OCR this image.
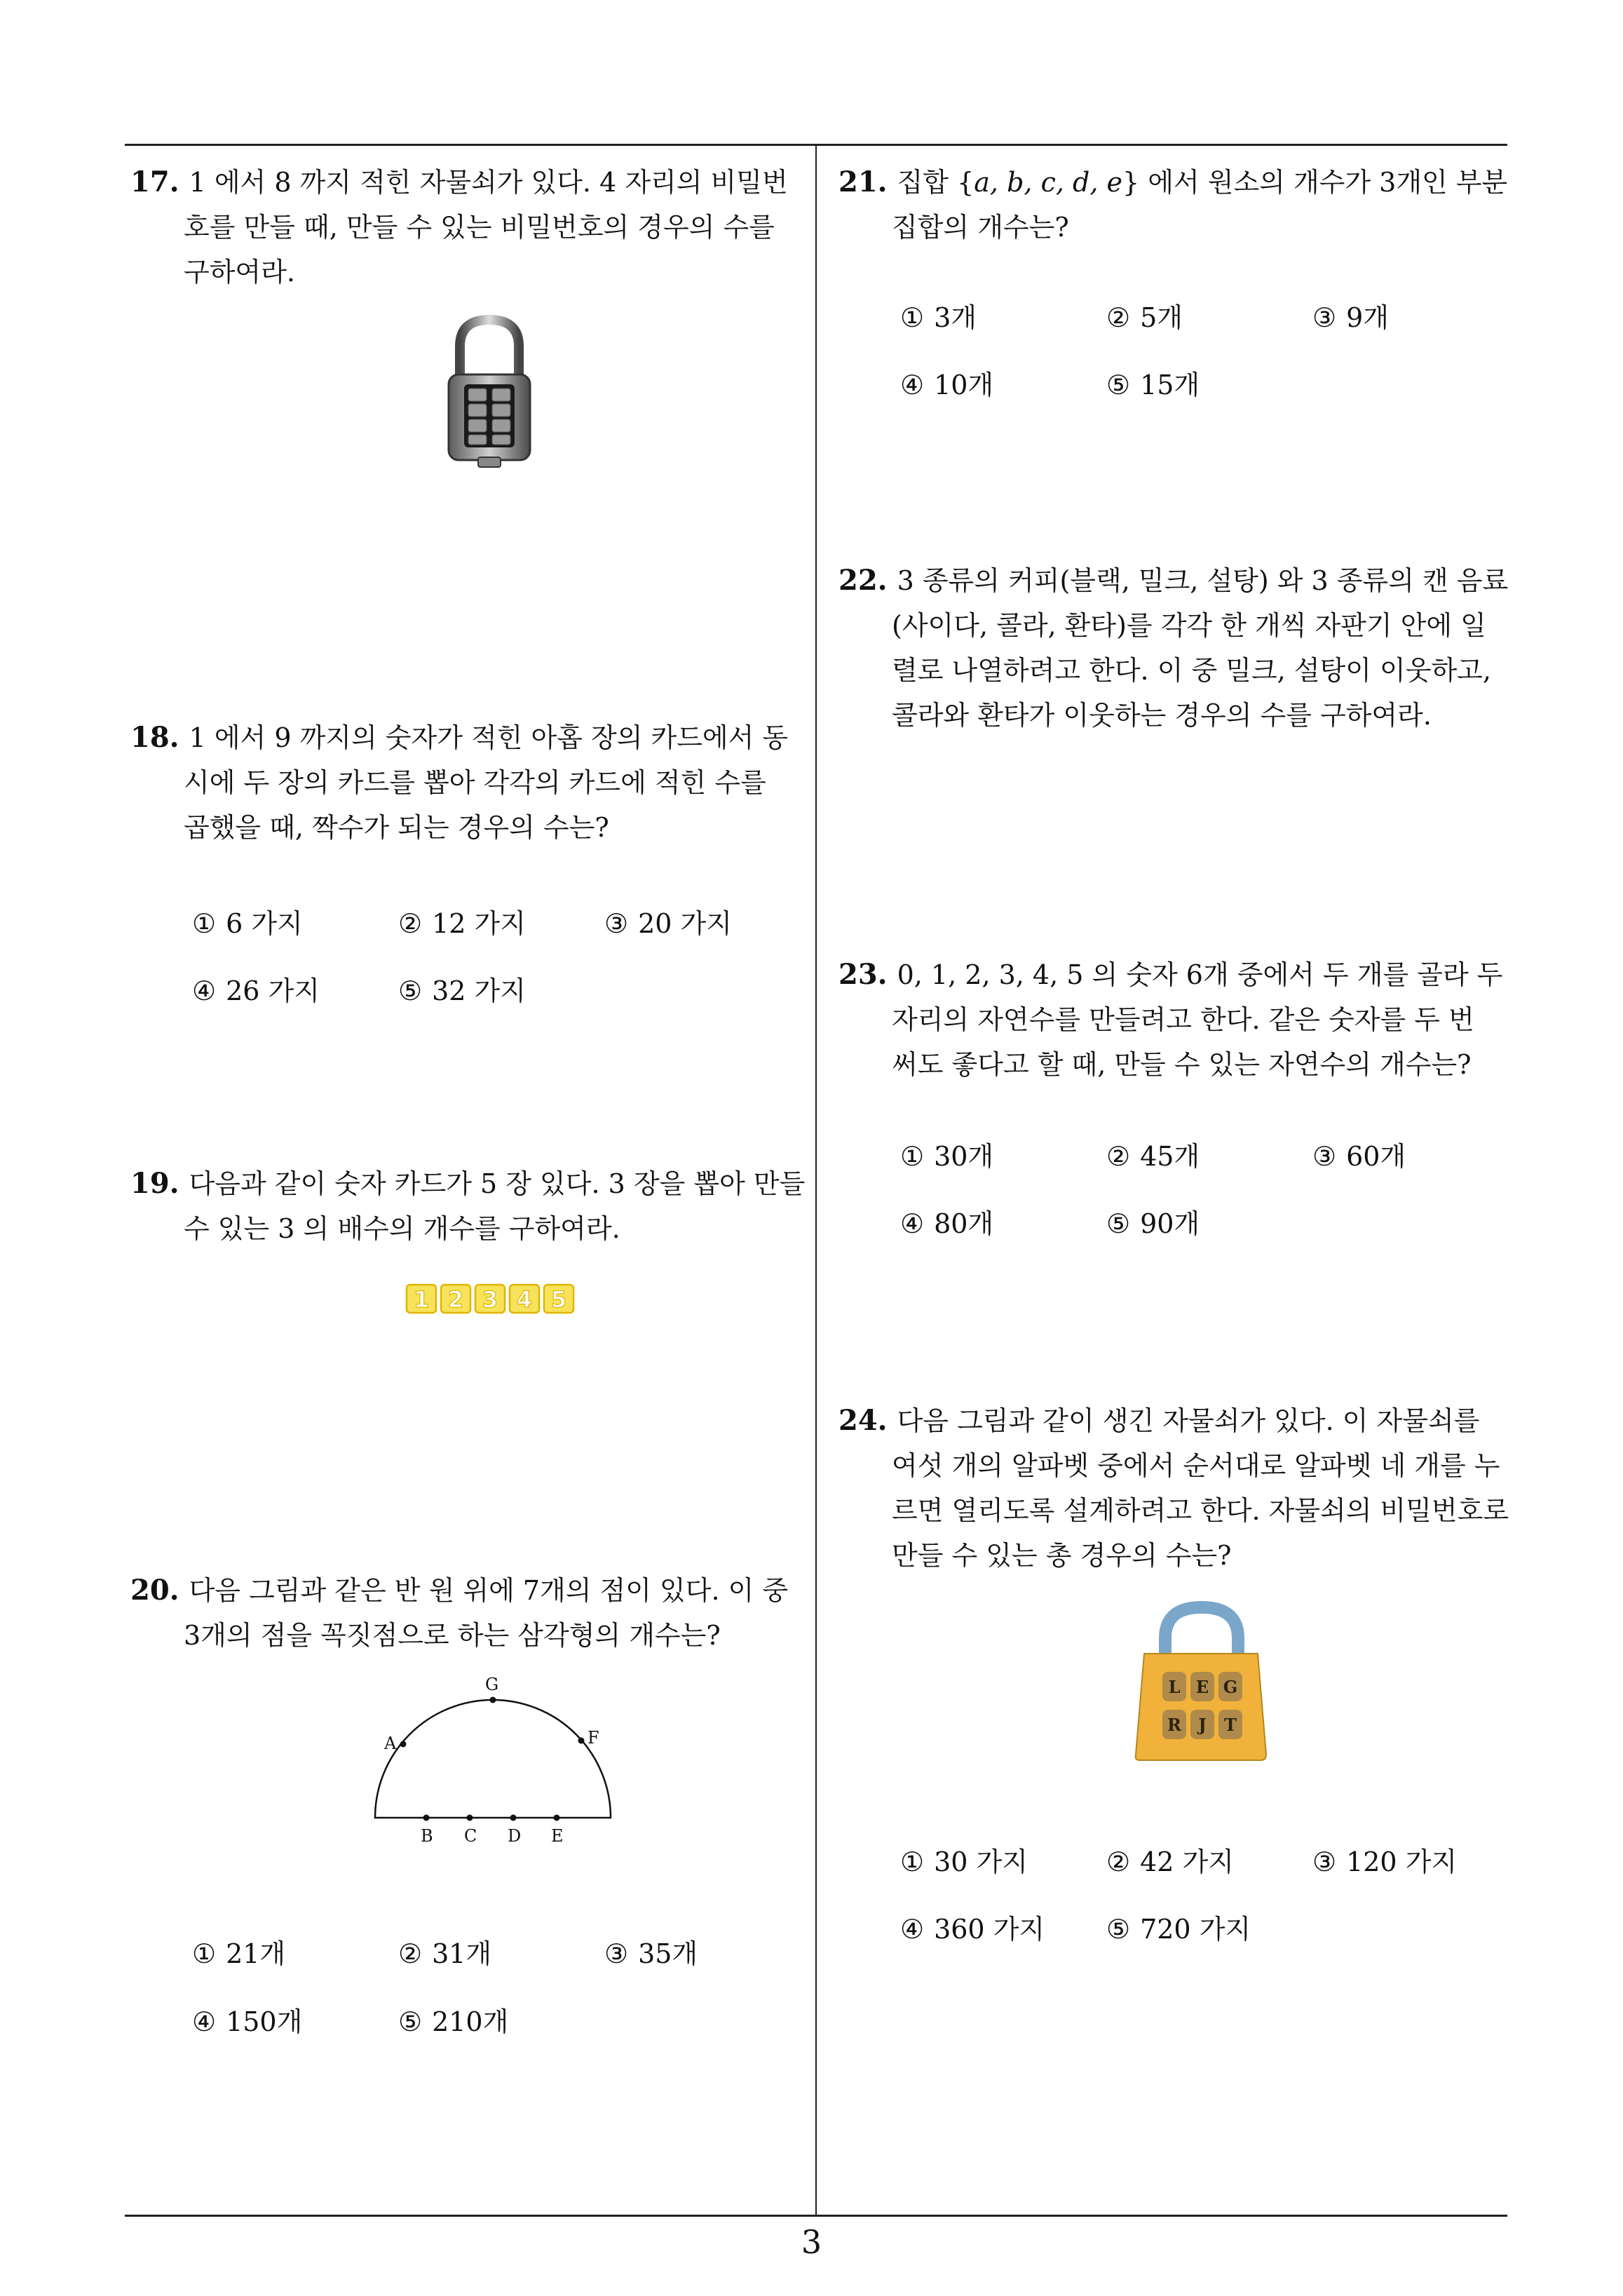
3
17. 1 에서 8 까지 적힌 자물쇠가 있다. 4 자리의 비밀번
호를 만들 때, 만들 수 있는 비밀번호의 경우의 수를
구하여라.
18. 1 에서 9 까지의 숫자가 적힌 아홉 장의 카드에서 동
시에 두 장의 카드를 뽑아 각각의 카드에 적힌 수를
곱했을 때, 짝수가 되는 경우의 수는?
① 6 가지	② 12 가지	③ 20 가지
④ 26 가지	⑤ 32 가지
19. 다음과 같이 숫자 카드가 5 장 있다. 3 장을 뽑아 만들
수 있는 3 의 배수의 개수를 구하여라.
1 2 3 4 5
20. 다음 그림과 같은 반 원 위에 7개의 점이 있다. 이 중
3개의 점을 꼭짓점으로 하는 삼각형의 개수는?
A
G
F
B C D E
① 21개	② 31개	③ 35개
④ 150개	⑤ 210개
21. 집합 {a, b, c, d, e} 에서 원소의 개수가 3개인 부분
집합의 개수는?
① 3개	② 5개	③ 9개
④ 10개	⑤ 15개
22. 3 종류의 커피(블랙, 밀크, 설탕) 와 3 종류의 캔 음료
(사이다, 콜라, 환타)를 각각 한 개씩 자판기 안에 일
렬로 나열하려고 한다. 이 중 밀크, 설탕이 이웃하고,
콜라와 환타가 이웃하는 경우의 수를 구하여라.
23. 0, 1, 2, 3, 4, 5 의 숫자 6개 중에서 두 개를 골라 두
자리의 자연수를 만들려고 한다. 같은 숫자를 두 번
써도 좋다고 할 때, 만들 수 있는 자연수의 개수는?
① 30개	② 45개	③ 60개
④ 80개	⑤ 90개
24. 다음 그림과 같이 생긴 자물쇠가 있다. 이 자물쇠를
여섯 개의 알파벳 중에서 순서대로 알파벳 네 개를 누
르면 열리도록 설계하려고 한다. 자물쇠의 비밀번호로
만들 수 있는 총 경우의 수는?
L E G
R J T
① 30 가지	② 42 가지	③ 120 가지
④ 360 가지 ⑤ 720 가지
